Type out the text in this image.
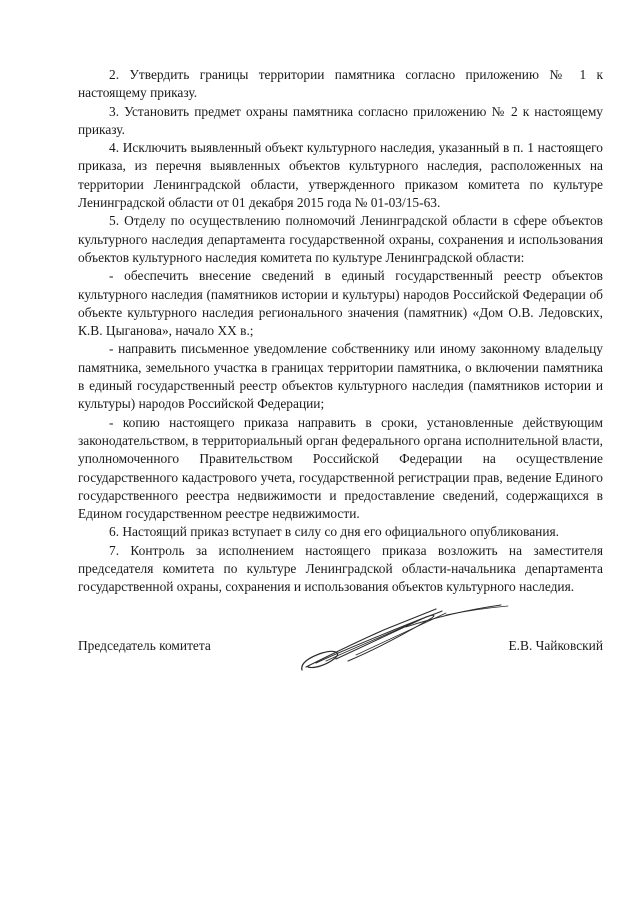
2. Утвердить границы территории памятника согласно приложению № 1 к настоящему приказу.

3. Установить предмет охраны памятника согласно приложению № 2 к настоящему приказу.

4. Исключить выявленный объект культурного наследия, указанный в п. 1 настоящего приказа, из перечня выявленных объектов культурного наследия, расположенных на территории Ленинградской области, утвержденного приказом комитета по культуре Ленинградской области от 01 декабря 2015 года № 01-03/15-63.

5. Отделу по осуществлению полномочий Ленинградской области в сфере объектов культурного наследия департамента государственной охраны, сохранения и использования объектов культурного наследия комитета по культуре Ленинградской области:

- обеспечить внесение сведений в единый государственный реестр объектов культурного наследия (памятников истории и культуры) народов Российской Федерации об объекте культурного наследия регионального значения (памятник) «Дом О.В. Ледовских, К.В. Цыганова», начало XX в.;

- направить письменное уведомление собственнику или иному законному владельцу памятника, земельного участка в границах территории памятника, о включении памятника в единый государственный реестр объектов культурного наследия (памятников истории и культуры) народов Российской Федерации;

- копию настоящего приказа направить в сроки, установленные действующим законодательством, в территориальный орган федерального органа исполнительной власти, уполномоченного Правительством Российской Федерации на осуществление государственного кадастрового учета, государственной регистрации прав, ведение Единого государственного реестра недвижимости и предоставление сведений, содержащихся в Едином государственном реестре недвижимости.

6. Настоящий приказ вступает в силу со дня его официального опубликования.

7. Контроль за исполнением настоящего приказа возложить на заместителя председателя комитета по культуре Ленинградской области-начальника департамента государственной охраны, сохранения и использования объектов культурного наследия.

Председатель комитета	Е.В. Чайковский
